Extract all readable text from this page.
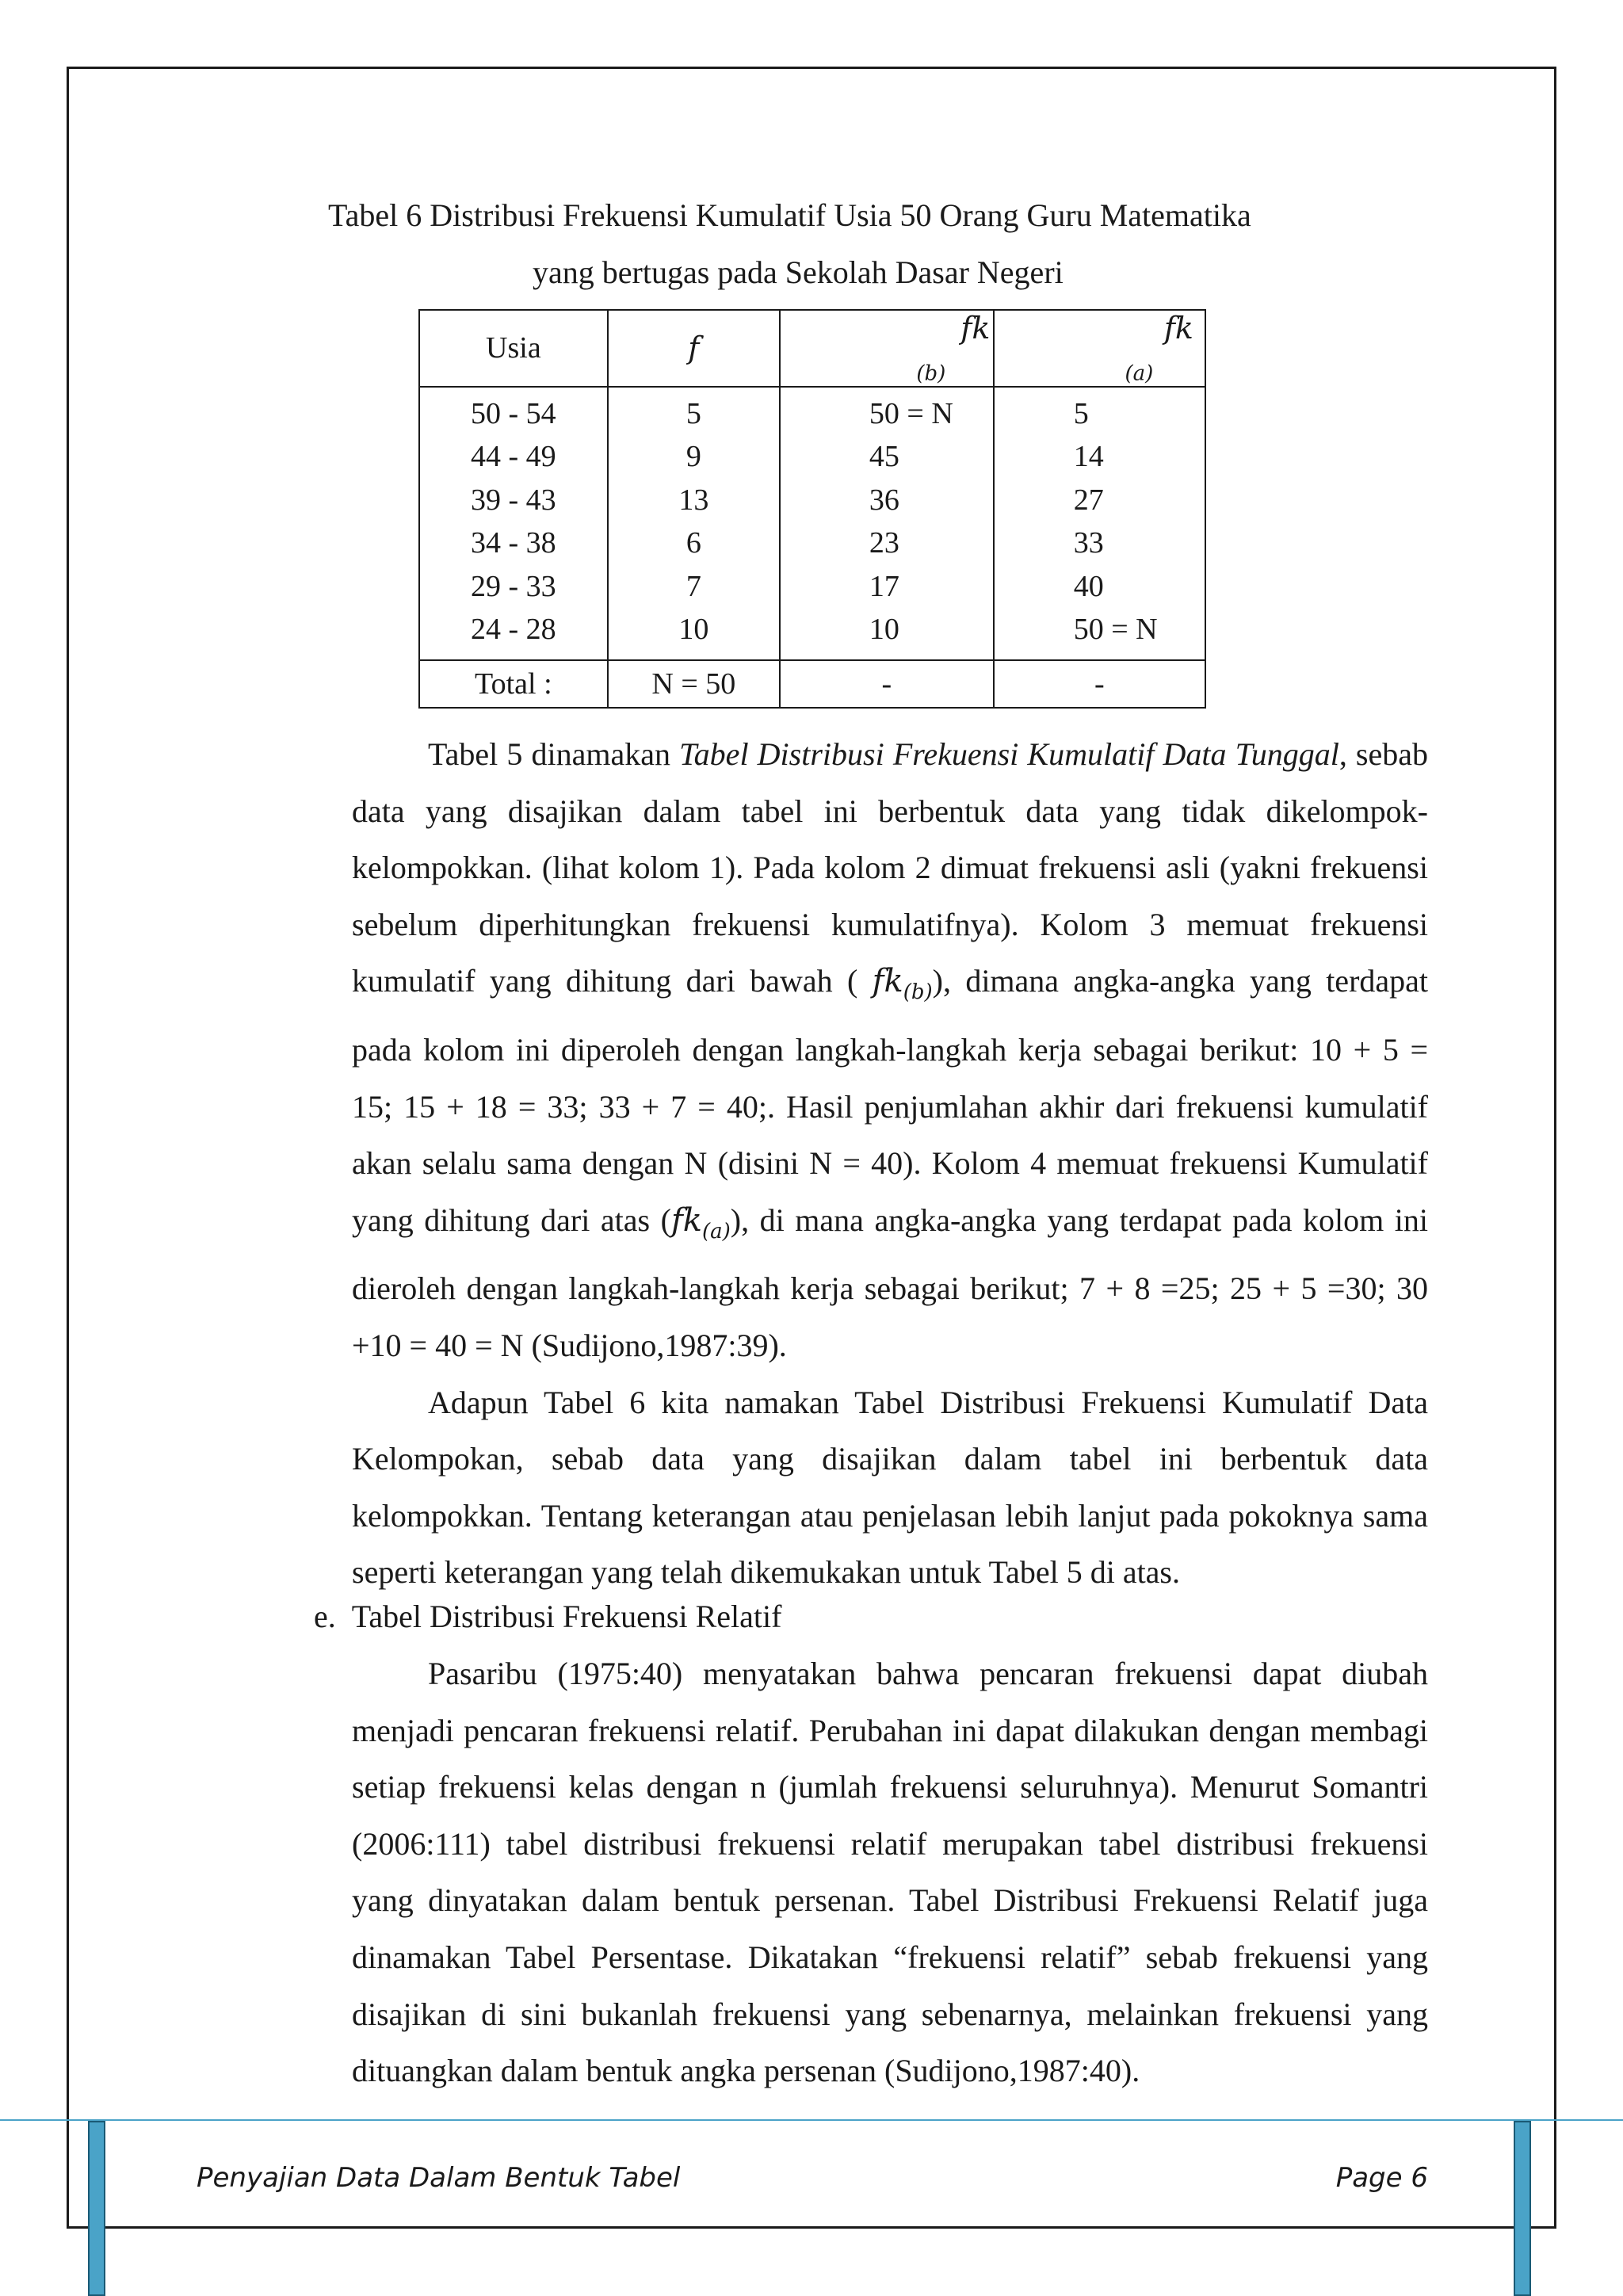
Tabel 6 Distribusi Frekuensi Kumulatif Usia 50 Orang Guru Matematika
yang bertugas pada Sekolah Dasar Negeri
Usia	f	$fk_{(b)}$	$fk_{(a)}$
50 - 54	5	50 = N	5
44 - 49	9	45	14
39 - 43	13	36	27
34 - 38	6	23	33
29 - 33	7	17	40
24 - 28	10	10	50 = N
Total :	N = 50	-	-

Tabel 5 dinamakan Tabel Distribusi Frekuensi Kumulatif Data Tunggal, sebab data yang disajikan dalam tabel ini berbentuk data yang tidak dikelompok-kelompokkan. (lihat kolom 1). Pada kolom 2 dimuat frekuensi asli (yakni frekuensi sebelum diperhitungkan frekuensi kumulatifnya). Kolom 3 memuat frekuensi kumulatif yang dihitung dari bawah ( $fk_{(b)}$), dimana angka-angka yang terdapat pada kolom ini diperoleh dengan langkah-langkah kerja sebagai berikut: 10 + 5 = 15; 15 + 18 = 33; 33 + 7 = 40;. Hasil penjumlahan akhir dari frekuensi kumulatif akan selalu sama dengan N (disini N = 40). Kolom 4 memuat frekuensi Kumulatif yang dihitung dari atas $(fk_{(a)})$, di mana angka-angka yang terdapat pada kolom ini dieroleh dengan langkah-langkah kerja sebagai berikut; 7 + 8 =25; 25 + 5 =30; 30 +10 = 40 = N (Sudijono,1987:39).

Adapun Tabel 6 kita namakan Tabel Distribusi Frekuensi Kumulatif Data Kelompokan, sebab data yang disajikan dalam tabel ini berbentuk data kelompokkan. Tentang keterangan atau penjelasan lebih lanjut pada pokoknya sama seperti keterangan yang telah dikemukakan untuk Tabel 5 di atas.

e. Tabel Distribusi Frekuensi Relatif

Pasaribu (1975:40) menyatakan bahwa pencaran frekuensi dapat diubah menjadi pencaran frekuensi relatif. Perubahan ini dapat dilakukan dengan membagi setiap frekuensi kelas dengan n (jumlah frekuensi seluruhnya). Menurut Somantri (2006:111) tabel distribusi frekuensi relatif merupakan tabel distribusi frekuensi yang dinyatakan dalam bentuk persenan. Tabel Distribusi Frekuensi Relatif juga dinamakan Tabel Persentase. Dikatakan “frekuensi relatif” sebab frekuensi yang disajikan di sini bukanlah frekuensi yang sebenarnya, melainkan frekuensi yang dituangkan dalam bentuk angka persenan (Sudijono,1987:40).

Penyajian Data Dalam Bentuk Tabel	Page 6
